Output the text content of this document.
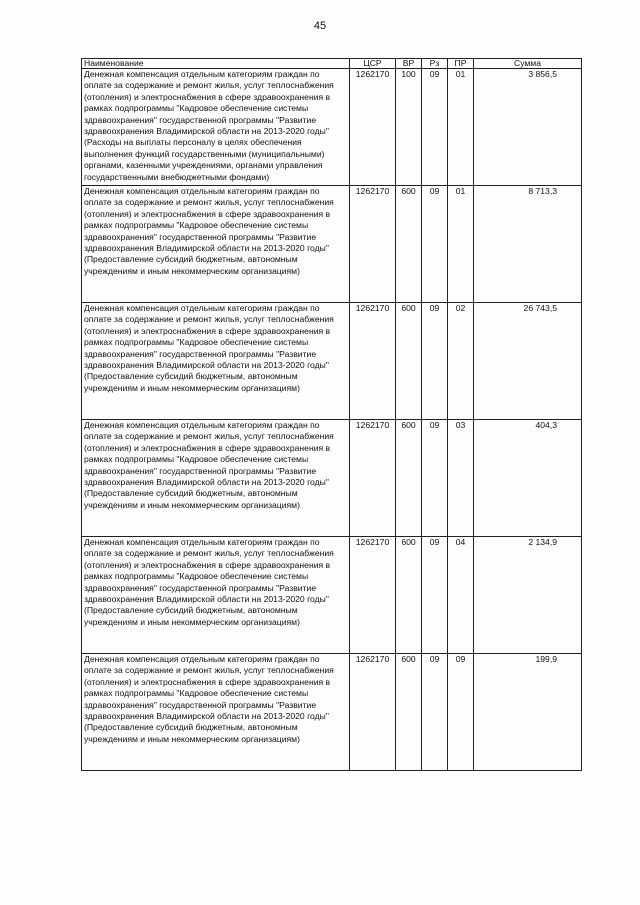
45
Наименование	ЦСР	ВР	Рз	ПР	Сумма
Денежная компенсация отдельным категориям граждан по оплате за содержание и ремонт жилья, услуг теплоснабжения (отопления) и электроснабжения в сфере здравоохранения в рамках подпрограммы "Кадровое обеспечение системы здравоохранения" государственной программы "Развитие здравоохранения Владимирской области на 2013-2020 годы" (Расходы на выплаты персоналу в целях обеспечения выполнения функций государственными (муниципальными) органами, казенными учреждениями, органами управления государственными внебюджетными фондами)	1262170	100	09	01	3 856,5
Денежная компенсация отдельным категориям граждан по оплате за содержание и ремонт жилья, услуг теплоснабжения (отопления) и электроснабжения в сфере здравоохранения в рамках подпрограммы "Кадровое обеспечение системы здравоохранения" государственной программы "Развитие здравоохранения Владимирской области на 2013-2020 годы" (Предоставление субсидий бюджетным, автономным учреждениям и иным некоммерческим организациям)	1262170	600	09	01	8 713,3
Денежная компенсация отдельным категориям граждан по оплате за содержание и ремонт жилья, услуг теплоснабжения (отопления) и электроснабжения в сфере здравоохранения в рамках подпрограммы "Кадровое обеспечение системы здравоохранения" государственной программы "Развитие здравоохранения Владимирской области на 2013-2020 годы" (Предоставление субсидий бюджетным, автономным учреждениям и иным некоммерческим организациям)	1262170	600	09	02	26 743,5
Денежная компенсация отдельным категориям граждан по оплате за содержание и ремонт жилья, услуг теплоснабжения (отопления) и электроснабжения в сфере здравоохранения в рамках подпрограммы "Кадровое обеспечение системы здравоохранения" государственной программы "Развитие здравоохранения Владимирской области на 2013-2020 годы" (Предоставление субсидий бюджетным, автономным учреждениям и иным некоммерческим организациям)	1262170	600	09	03	404,3
Денежная компенсация отдельным категориям граждан по оплате за содержание и ремонт жилья, услуг теплоснабжения (отопления) и электроснабжения в сфере здравоохранения в рамках подпрограммы "Кадровое обеспечение системы здравоохранения" государственной программы "Развитие здравоохранения Владимирской области на 2013-2020 годы" (Предоставление субсидий бюджетным, автономным учреждениям и иным некоммерческим организациям)	1262170	600	09	04	2 134,9
Денежная компенсация отдельным категориям граждан по оплате за содержание и ремонт жилья, услуг теплоснабжения (отопления) и электроснабжения в сфере здравоохранения в рамках подпрограммы "Кадровое обеспечение системы здравоохранения" государственной программы "Развитие здравоохранения Владимирской области на 2013-2020 годы" (Предоставление субсидий бюджетным, автономным учреждениям и иным некоммерческим организациям)	1262170	600	09	09	199,9
